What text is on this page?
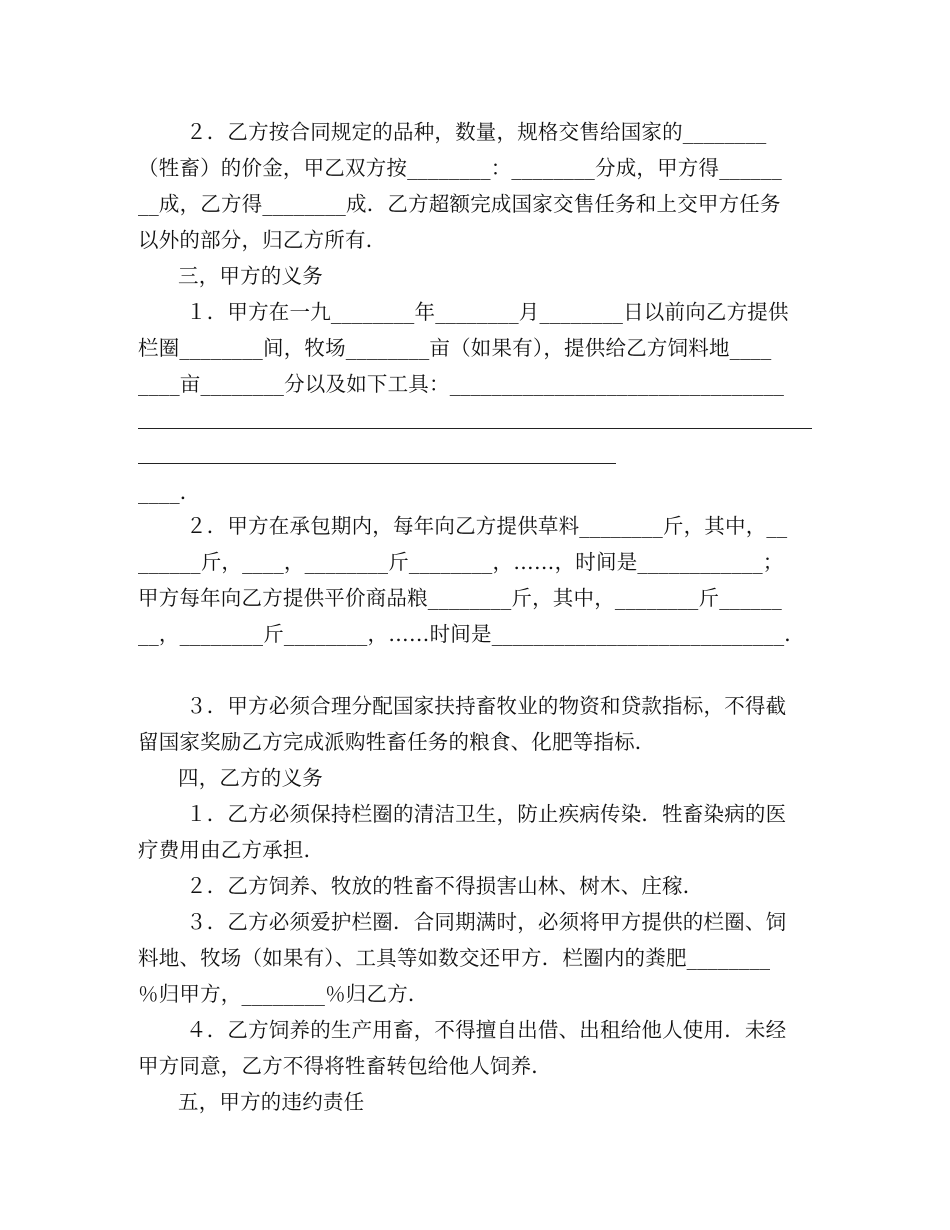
２．乙方按合同规定的品种，数量，规格交售给国家的________
（牲畜）的价金，甲乙双方按________：________分成，甲方得______
__成，乙方得________成．乙方超额完成国家交售任务和上交甲方任务
以外的部分，归乙方所有．
三，甲方的义务
１．甲方在一九________年________月________日以前向乙方提供
栏圈________间，牧场________亩（如果有），提供给乙方饲料地____
____亩________分以及如下工具：________________________________
____．
２．甲方在承包期内，每年向乙方提供草料________斤，其中，__
______斤，____，________斤________，……，时间是____________；
甲方每年向乙方提供平价商品粮________斤，其中，________斤______
__，________斤________，……时间是____________________________．
３．甲方必须合理分配国家扶持畜牧业的物资和贷款指标，不得截
留国家奖励乙方完成派购牲畜任务的粮食、化肥等指标．
四，乙方的义务
１．乙方必须保持栏圈的清洁卫生，防止疾病传染．牲畜染病的医
疗费用由乙方承担．
２．乙方饲养、牧放的牲畜不得损害山林、树木、庄稼．
３．乙方必须爱护栏圈．合同期满时，必须将甲方提供的栏圈、饲
料地、牧场（如果有）、工具等如数交还甲方．栏圈内的粪肥________
％归甲方，________％归乙方．
４．乙方饲养的生产用畜，不得擅自出借、出租给他人使用．未经
甲方同意，乙方不得将牲畜转包给他人饲养．
五，甲方的违约责任
